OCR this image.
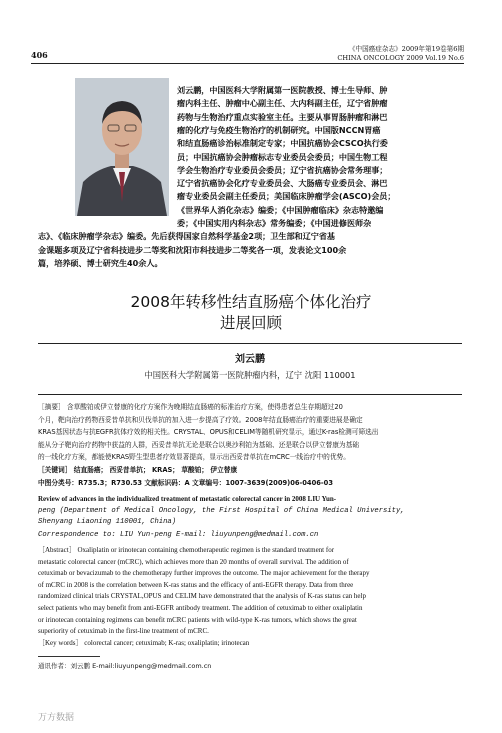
406
《中国癌症杂志》2009年第19卷第6期
CHINA ONCOLOGY 2009 Vol.19 No.6
刘云鹏，中国医科大学附属第一医院教授、博士生导师、肿
瘤内科主任、肿瘤中心副主任、大内科副主任，辽宁省肿瘤
药物与生物治疗重点实验室主任。主要从事胃肠肿瘤和淋巴
瘤的化疗与免疫生物治疗的机制研究。中国版NCCN胃癌
和结直肠癌诊治标准制定专家；中国抗癌协会CSCO执行委
员；中国抗癌协会肿瘤标志专业委员会委员；中国生物工程
学会生物治疗专业委员会委员；辽宁省抗癌协会常务理事；
辽宁省抗癌协会化疗专业委员会、大肠癌专业委员会、淋巴
瘤专业委员会副主任委员；美国临床肿瘤学会(ASCO)会员；
《世界华人消化杂志》编委；《中国肿瘤临床》杂志特邀编
委；《中国实用内科杂志》常务编委；《中国进修医师杂
志》、《临床肿瘤学杂志》编委。先后获得国家自然科学基金2项；卫生部和辽宁省基
金课题多项及辽宁省科技进步二等奖和沈阳市科技进步二等奖各一项，发表论文100余
篇，培养硕、博士研究生40余人。
2008年转移性结直肠癌个体化治疗
进展回顾
刘云鹏
中国医科大学附属第一医院肿瘤内科，辽宁 沈阳 110001
［摘要］ 含草酸铂或伊立替康的化疗方案作为晚期结直肠癌的标准治疗方案，使得患者总生存期超过20
个月，靶向治疗药物西妥昔单抗和贝伐单抗的加入进一步提高了疗效。2008年结直肠癌治疗的重要进展是确定
KRAS基因状态与抗EGFR抗体疗效的相关性。CRYSTAL、OPUS和CELIM等随机研究显示，通过K-ras检测可筛选出
能从分子靶向治疗药物中获益的人群，西妥昔单抗无论是联合以奥沙利铂为基础、还是联合以伊立替康为基础
的一线化疗方案，都能使KRAS野生型患者疗效显著提高，显示出西妥昔单抗在mCRC一线治疗中的优势。
［关键词］ 结直肠癌； 西妥昔单抗； KRAS； 草酸铂； 伊立替康
中图分类号：R735.3；R730.53 文献标识码：A 文章编号：1007-3639(2009)06-0406-03
Review of advances in the individualized treatment of metastatic colorectal cancer in 2008 LIU Yun-
peng (Department of Medical Oncology, the First Hospital of China Medical University,
Shenyang Liaoning 110001, China)
Correspondence to: LIU Yun-peng E-mail: liuyunpeng@medmail.com.cn
［Abstract］ Oxaliplatin or irinotecan containing chemotherapeutic regimen is the standard treatment for
metastatic colorectal cancer (mCRC), which achieves more than 20 months of overall survival. The addition of
cetuximab or bevacizumab to the chemotherapy further improves the outcome. The major achievement for the therapy
of mCRC in 2008 is the correlation between K-ras status and the efficacy of anti-EGFR therapy. Data from three
randomized clinical trials CRYSTAL,OPUS and CELIM have demonstrated that the analysis of K-ras status can help
select patients who may benefit from anti-EGFR antibody treatment. The addition of cetuximab to either oxaliplatin
or irinotecan containing regimens can benefit mCRC patients with wild-type K-ras tumors, which shows the great
superiority of cetuximab in the first-line treatment of mCRC.
［Key words］ colorectal cancer; cetuximab; K-ras; oxaliplatin; irinotecan
通讯作者：刘云鹏 E-mail:liuyunpeng@medmail.com.cn
万方数据
